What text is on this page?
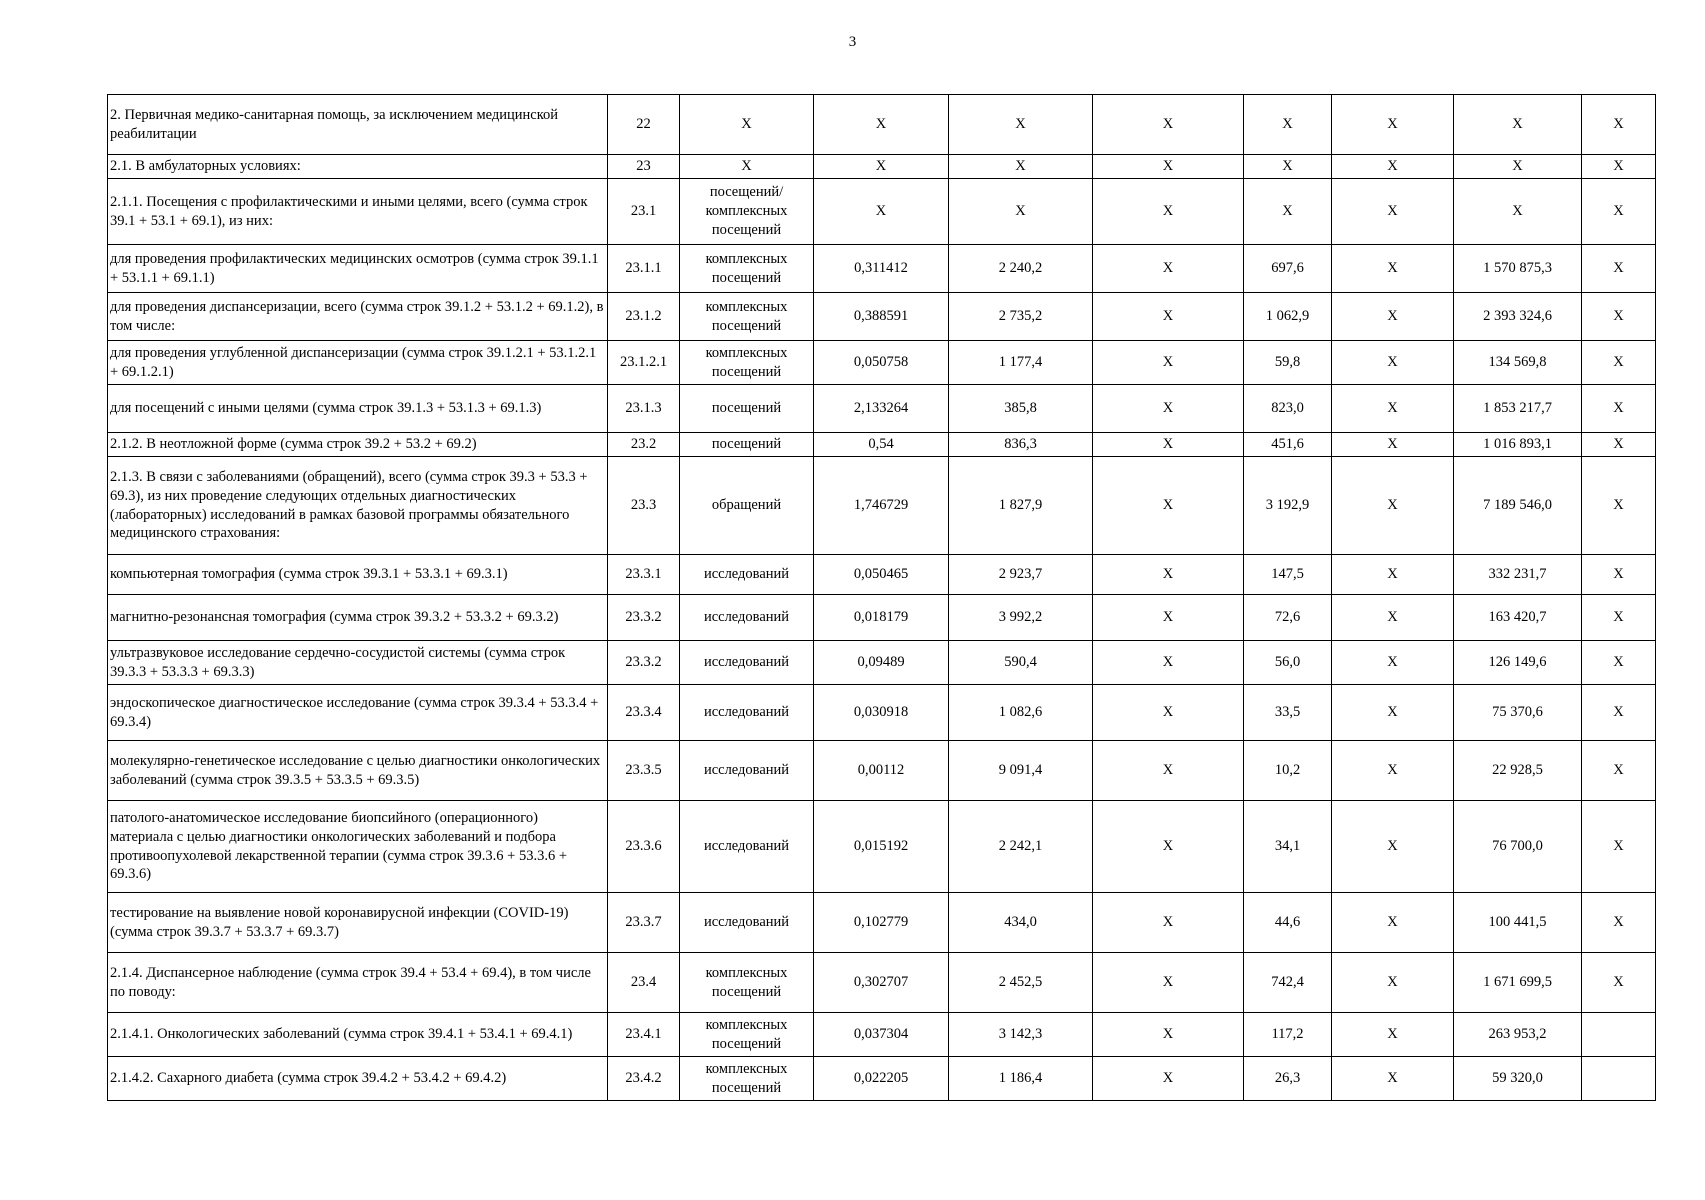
3
2. Первичная медико-санитарная помощь, за исключением медицинской реабилитации	22	Х	Х	Х	Х	Х	Х	Х	Х
2.1. В амбулаторных условиях:	23	Х	Х	Х	Х	Х	Х	Х	Х
2.1.1. Посещения с профилактическими и иными целями, всего (сумма строк 39.1 + 53.1 + 69.1), из них:	23.1	посещений/ комплексных посещений	Х	Х	Х	Х	Х	Х	Х
для проведения профилактических медицинских осмотров (сумма строк 39.1.1 + 53.1.1 + 69.1.1)	23.1.1	комплексных посещений	0,311412	2 240,2	Х	697,6	Х	1 570 875,3	Х
для проведения диспансеризации, всего (сумма строк 39.1.2 + 53.1.2 + 69.1.2), в том числе:	23.1.2	комплексных посещений	0,388591	2 735,2	Х	1 062,9	Х	2 393 324,6	Х
для проведения углубленной диспансеризации (сумма строк 39.1.2.1 + 53.1.2.1 + 69.1.2.1)	23.1.2.1	комплексных посещений	0,050758	1 177,4	Х	59,8	Х	134 569,8	Х
для посещений с иными целями (сумма строк 39.1.3 + 53.1.3 + 69.1.3)	23.1.3	посещений	2,133264	385,8	Х	823,0	Х	1 853 217,7	Х
2.1.2. В неотложной форме (сумма строк 39.2 + 53.2 + 69.2)	23.2	посещений	0,54	836,3	Х	451,6	Х	1 016 893,1	Х
2.1.3. В связи с заболеваниями (обращений), всего (сумма строк 39.3 + 53.3 + 69.3), из них проведение следующих отдельных диагностических (лабораторных) исследований в рамках базовой программы обязательного медицинского страхования:	23.3	обращений	1,746729	1 827,9	Х	3 192,9	Х	7 189 546,0	Х
компьютерная томография (сумма строк 39.3.1 + 53.3.1 + 69.3.1)	23.3.1	исследований	0,050465	2 923,7	Х	147,5	Х	332 231,7	Х
магнитно-резонансная томография (сумма строк 39.3.2 + 53.3.2 + 69.3.2)	23.3.2	исследований	0,018179	3 992,2	Х	72,6	Х	163 420,7	Х
ультразвуковое исследование сердечно-сосудистой системы (сумма строк 39.3.3 + 53.3.3 + 69.3.3)	23.3.2	исследований	0,09489	590,4	Х	56,0	Х	126 149,6	Х
эндоскопическое диагностическое исследование (сумма строк 39.3.4 + 53.3.4 + 69.3.4)	23.3.4	исследований	0,030918	1 082,6	Х	33,5	Х	75 370,6	Х
молекулярно-генетическое исследование с целью диагностики онкологических заболеваний (сумма строк 39.3.5 + 53.3.5 + 69.3.5)	23.3.5	исследований	0,00112	9 091,4	Х	10,2	Х	22 928,5	Х
патолого-анатомическое исследование биопсийного (операционного) материала с целью диагностики онкологических заболеваний и подбора противоопухолевой лекарственной терапии (сумма строк 39.3.6 + 53.3.6 + 69.3.6)	23.3.6	исследований	0,015192	2 242,1	Х	34,1	Х	76 700,0	Х
тестирование на выявление новой коронавирусной инфекции (COVID-19) (сумма строк 39.3.7 + 53.3.7 + 69.3.7)	23.3.7	исследований	0,102779	434,0	Х	44,6	Х	100 441,5	Х
2.1.4. Диспансерное наблюдение (сумма строк 39.4 + 53.4 + 69.4), в том числе по поводу:	23.4	комплексных посещений	0,302707	2 452,5	Х	742,4	Х	1 671 699,5	Х
2.1.4.1. Онкологических заболеваний (сумма строк 39.4.1 + 53.4.1 + 69.4.1)	23.4.1	комплексных посещений	0,037304	3 142,3	Х	117,2	Х	263 953,2	
2.1.4.2. Сахарного диабета (сумма строк 39.4.2 + 53.4.2 + 69.4.2)	23.4.2	комплексных посещений	0,022205	1 186,4	Х	26,3	Х	59 320,0	
